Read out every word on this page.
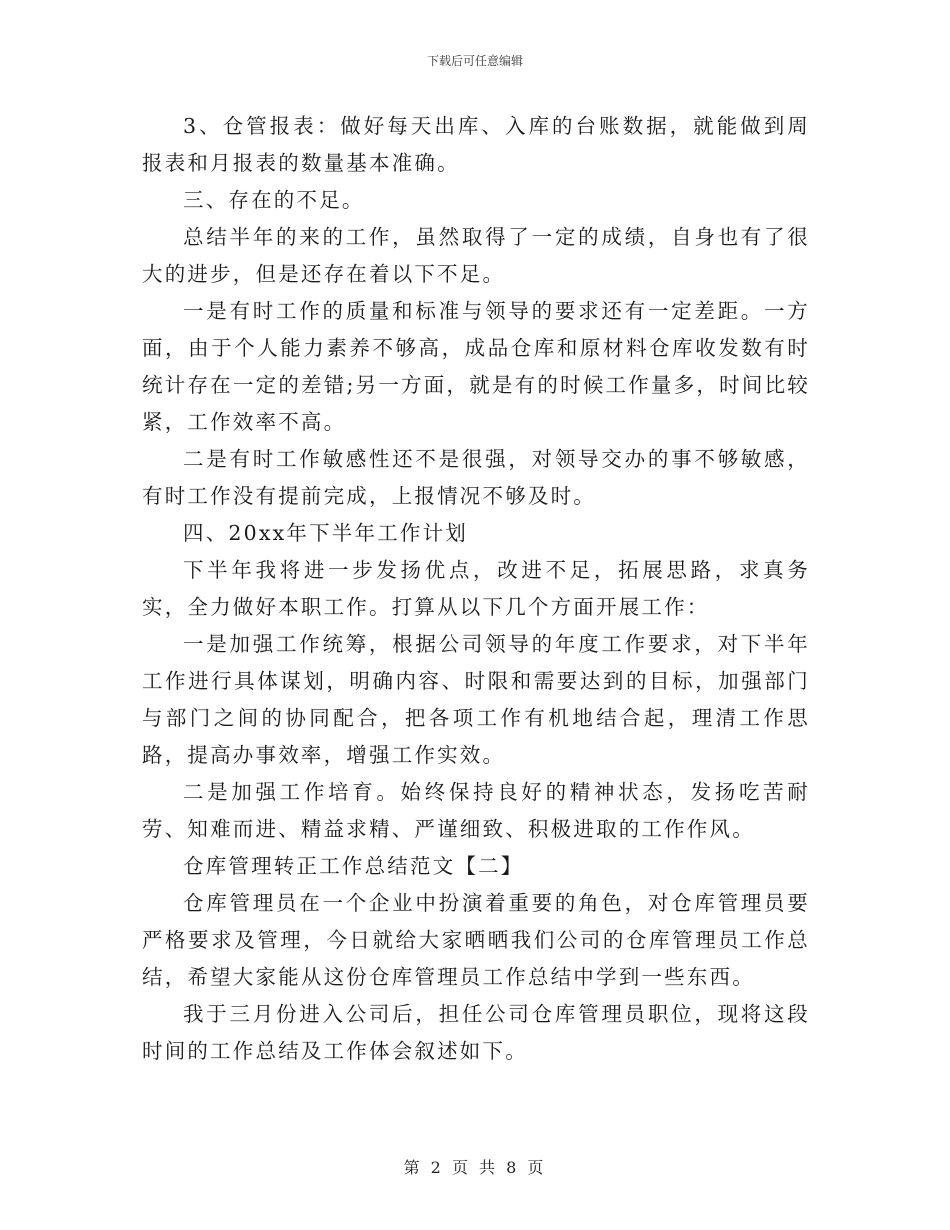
下载后可任意编辑

3、仓管报表：做好每天出库、入库的台账数据，就能做到周报表和月报表的数量基本准确。

三、存在的不足。

总结半年的来的工作，虽然取得了一定的成绩，自身也有了很大的进步，但是还存在着以下不足。

一是有时工作的质量和标准与领导的要求还有一定差距。一方面，由于个人能力素养不够高，成品仓库和原材料仓库收发数有时统计存在一定的差错;另一方面，就是有的时候工作量多，时间比较紧，工作效率不高。

二是有时工作敏感性还不是很强，对领导交办的事不够敏感，有时工作没有提前完成，上报情况不够及时。

四、20xx年下半年工作计划

下半年我将进一步发扬优点，改进不足，拓展思路，求真务实，全力做好本职工作。打算从以下几个方面开展工作：

一是加强工作统筹，根据公司领导的年度工作要求，对下半年工作进行具体谋划，明确内容、时限和需要达到的目标，加强部门与部门之间的协同配合，把各项工作有机地结合起，理清工作思路，提高办事效率，增强工作实效。

二是加强工作培育。始终保持良好的精神状态，发扬吃苦耐劳、知难而进、精益求精、严谨细致、积极进取的工作作风。

仓库管理转正工作总结范文【二】

仓库管理员在一个企业中扮演着重要的角色，对仓库管理员要严格要求及管理，今日就给大家晒晒我们公司的仓库管理员工作总结，希望大家能从这份仓库管理员工作总结中学到一些东西。

我于三月份进入公司后，担任公司仓库管理员职位，现将这段时间的工作总结及工作体会叙述如下。

第 2 页 共 8 页
